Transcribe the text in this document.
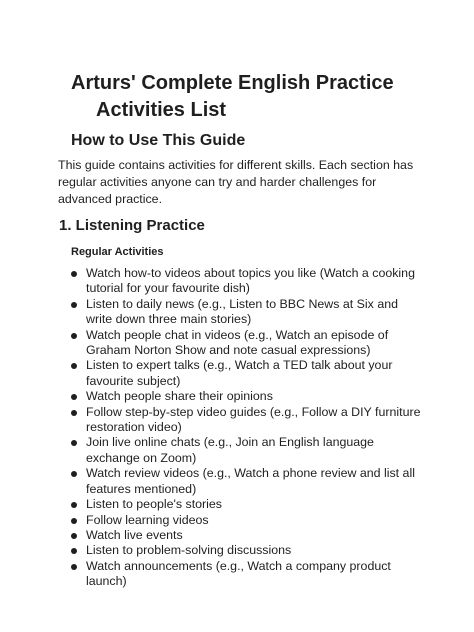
Arturs' Complete English Practice Activities List
How to Use This Guide

This guide contains activities for different skills. Each section has regular activities anyone can try and harder challenges for advanced practice.

1. Listening Practice
Regular Activities
Watch how-to videos about topics you like (Watch a cooking tutorial for your favourite dish)
Listen to daily news (e.g., Listen to BBC News at Six and write down three main stories)
Watch people chat in videos (e.g., Watch an episode of Graham Norton Show and note casual expressions)
Listen to expert talks (e.g., Watch a TED talk about your favourite subject)
Watch people share their opinions
Follow step-by-step video guides (e.g., Follow a DIY furniture restoration video)
Join live online chats (e.g., Join an English language exchange on Zoom)
Watch review videos (e.g., Watch a phone review and list all features mentioned)
Listen to people's stories
Follow learning videos
Watch live events
Listen to problem-solving discussions
Watch announcements (e.g., Watch a company product launch)
